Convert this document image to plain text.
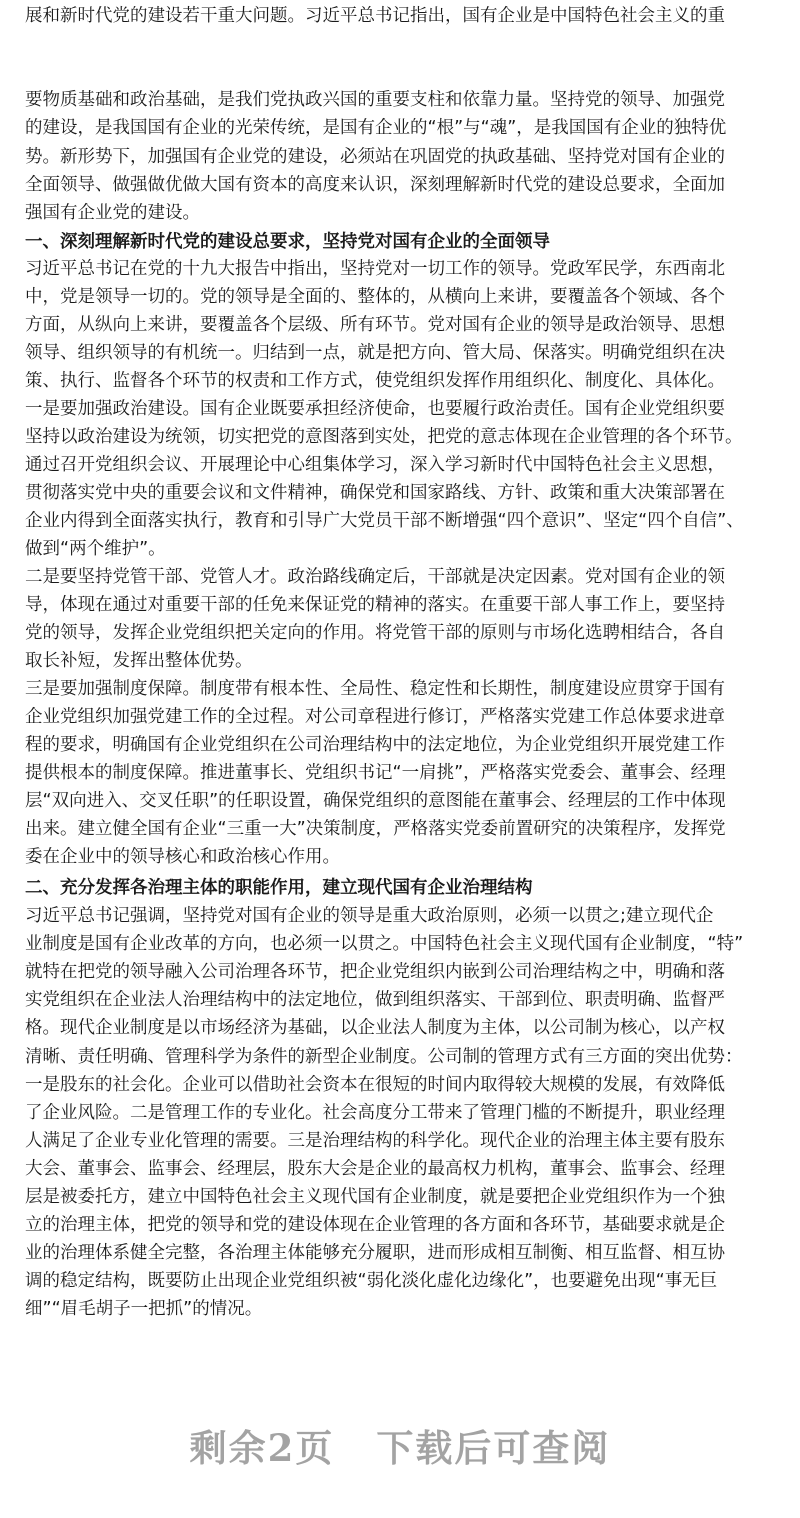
展和新时代党的建设若干重大问题。习近平总书记指出，国有企业是中国特色社会主义的重
要物质基础和政治基础，是我们党执政兴国的重要支柱和依靠力量。坚持党的领导、加强党
的建设，是我国国有企业的光荣传统，是国有企业的“根”与“魂”，是我国国有企业的独特优
势。新形势下，加强国有企业党的建设，必须站在巩固党的执政基础、坚持党对国有企业的
全面领导、做强做优做大国有资本的高度来认识，深刻理解新时代党的建设总要求，全面加
强国有企业党的建设。
一、深刻理解新时代党的建设总要求，坚持党对国有企业的全面领导
习近平总书记在党的十九大报告中指出，坚持党对一切工作的领导。党政军民学，东西南北
中，党是领导一切的。党的领导是全面的、整体的，从横向上来讲，要覆盖各个领域、各个
方面，从纵向上来讲，要覆盖各个层级、所有环节。党对国有企业的领导是政治领导、思想
领导、组织领导的有机统一。归结到一点，就是把方向、管大局、保落实。明确党组织在决
策、执行、监督各个环节的权责和工作方式，使党组织发挥作用组织化、制度化、具体化。
一是要加强政治建设。国有企业既要承担经济使命，也要履行政治责任。国有企业党组织要
坚持以政治建设为统领，切实把党的意图落到实处，把党的意志体现在企业管理的各个环节。
通过召开党组织会议、开展理论中心组集体学习，深入学习新时代中国特色社会主义思想，
贯彻落实党中央的重要会议和文件精神，确保党和国家路线、方针、政策和重大决策部署在
企业内得到全面落实执行，教育和引导广大党员干部不断增强“四个意识”、坚定“四个自信”、
做到“两个维护”。
二是要坚持党管干部、党管人才。政治路线确定后，干部就是决定因素。党对国有企业的领
导，体现在通过对重要干部的任免来保证党的精神的落实。在重要干部人事工作上，要坚持
党的领导，发挥企业党组织把关定向的作用。将党管干部的原则与市场化选聘相结合，各自
取长补短，发挥出整体优势。
三是要加强制度保障。制度带有根本性、全局性、稳定性和长期性，制度建设应贯穿于国有
企业党组织加强党建工作的全过程。对公司章程进行修订，严格落实党建工作总体要求进章
程的要求，明确国有企业党组织在公司治理结构中的法定地位，为企业党组织开展党建工作
提供根本的制度保障。推进董事长、党组织书记“一肩挑”，严格落实党委会、董事会、经理
层“双向进入、交叉任职”的任职设置，确保党组织的意图能在董事会、经理层的工作中体现
出来。建立健全国有企业“三重一大”决策制度，严格落实党委前置研究的决策程序，发挥党
委在企业中的领导核心和政治核心作用。
二、充分发挥各治理主体的职能作用，建立现代国有企业治理结构
习近平总书记强调，坚持党对国有企业的领导是重大政治原则，必须一以贯之;建立现代企
业制度是国有企业改革的方向，也必须一以贯之。中国特色社会主义现代国有企业制度，“特”
就特在把党的领导融入公司治理各环节，把企业党组织内嵌到公司治理结构之中，明确和落
实党组织在企业法人治理结构中的法定地位，做到组织落实、干部到位、职责明确、监督严
格。现代企业制度是以市场经济为基础，以企业法人制度为主体，以公司制为核心，以产权
清晰、责任明确、管理科学为条件的新型企业制度。公司制的管理方式有三方面的突出优势：
一是股东的社会化。企业可以借助社会资本在很短的时间内取得较大规模的发展，有效降低
了企业风险。二是管理工作的专业化。社会高度分工带来了管理门槛的不断提升，职业经理
人满足了企业专业化管理的需要。三是治理结构的科学化。现代企业的治理主体主要有股东
大会、董事会、监事会、经理层，股东大会是企业的最高权力机构，董事会、监事会、经理
层是被委托方，建立中国特色社会主义现代国有企业制度，就是要把企业党组织作为一个独
立的治理主体，把党的领导和党的建设体现在企业管理的各方面和各环节，基础要求就是企
业的治理体系健全完整，各治理主体能够充分履职，进而形成相互制衡、相互监督、相互协
调的稳定结构，既要防止出现企业党组织被“弱化淡化虚化边缘化”，也要避免出现“事无巨
细”“眉毛胡子一把抓”的情况。
剩余2页 下载后可查阅
